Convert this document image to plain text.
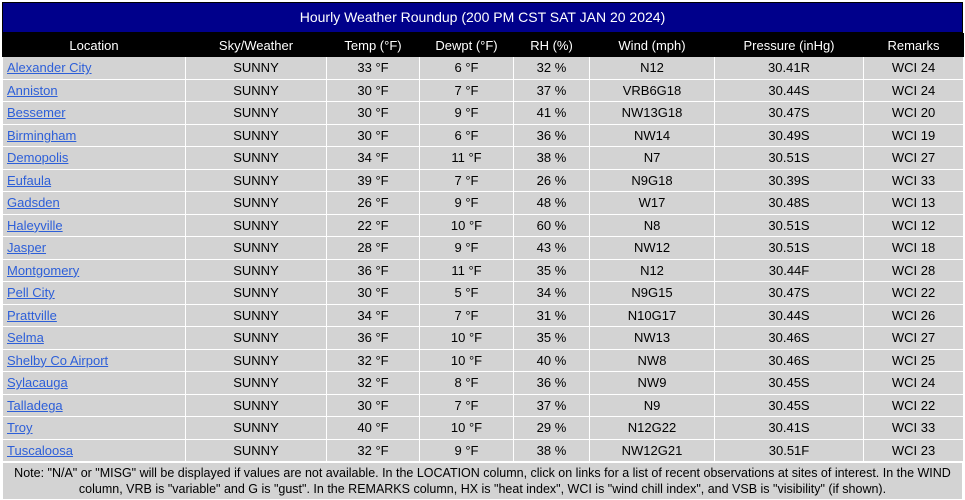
Hourly Weather Roundup (200 PM CST SAT JAN 20 2024)
Location	Sky/Weather	Temp (°F)	Dewpt (°F)	RH (%)	Wind (mph)	Pressure (inHg)	Remarks
Alexander City	SUNNY	33 °F	6 °F	32 %	N12	30.41R	WCI 24
Anniston	SUNNY	30 °F	7 °F	37 %	VRB6G18	30.44S	WCI 24
Bessemer	SUNNY	30 °F	9 °F	41 %	NW13G18	30.47S	WCI 20
Birmingham	SUNNY	30 °F	6 °F	36 %	NW14	30.49S	WCI 19
Demopolis	SUNNY	34 °F	11 °F	38 %	N7	30.51S	WCI 27
Eufaula	SUNNY	39 °F	7 °F	26 %	N9G18	30.39S	WCI 33
Gadsden	SUNNY	26 °F	9 °F	48 %	W17	30.48S	WCI 13
Haleyville	SUNNY	22 °F	10 °F	60 %	N8	30.51S	WCI 12
Jasper	SUNNY	28 °F	9 °F	43 %	NW12	30.51S	WCI 18
Montgomery	SUNNY	36 °F	11 °F	35 %	N12	30.44F	WCI 28
Pell City	SUNNY	30 °F	5 °F	34 %	N9G15	30.47S	WCI 22
Prattville	SUNNY	34 °F	7 °F	31 %	N10G17	30.44S	WCI 26
Selma	SUNNY	36 °F	10 °F	35 %	NW13	30.46S	WCI 27
Shelby Co Airport	SUNNY	32 °F	10 °F	40 %	NW8	30.46S	WCI 25
Sylacauga	SUNNY	32 °F	8 °F	36 %	NW9	30.45S	WCI 24
Talladega	SUNNY	30 °F	7 °F	37 %	N9	30.45S	WCI 22
Troy	SUNNY	40 °F	10 °F	29 %	N12G22	30.41S	WCI 33
Tuscaloosa	SUNNY	32 °F	9 °F	38 %	NW12G21	30.51F	WCI 23
Note: "N/A" or "MISG" will be displayed if values are not available. In the LOCATION column, click on links for a list of recent observations at sites of interest. In the WIND column, VRB is "variable" and G is "gust". In the REMARKS column, HX is "heat index", WCI is "wind chill index", and VSB is "visibility" (if shown).
